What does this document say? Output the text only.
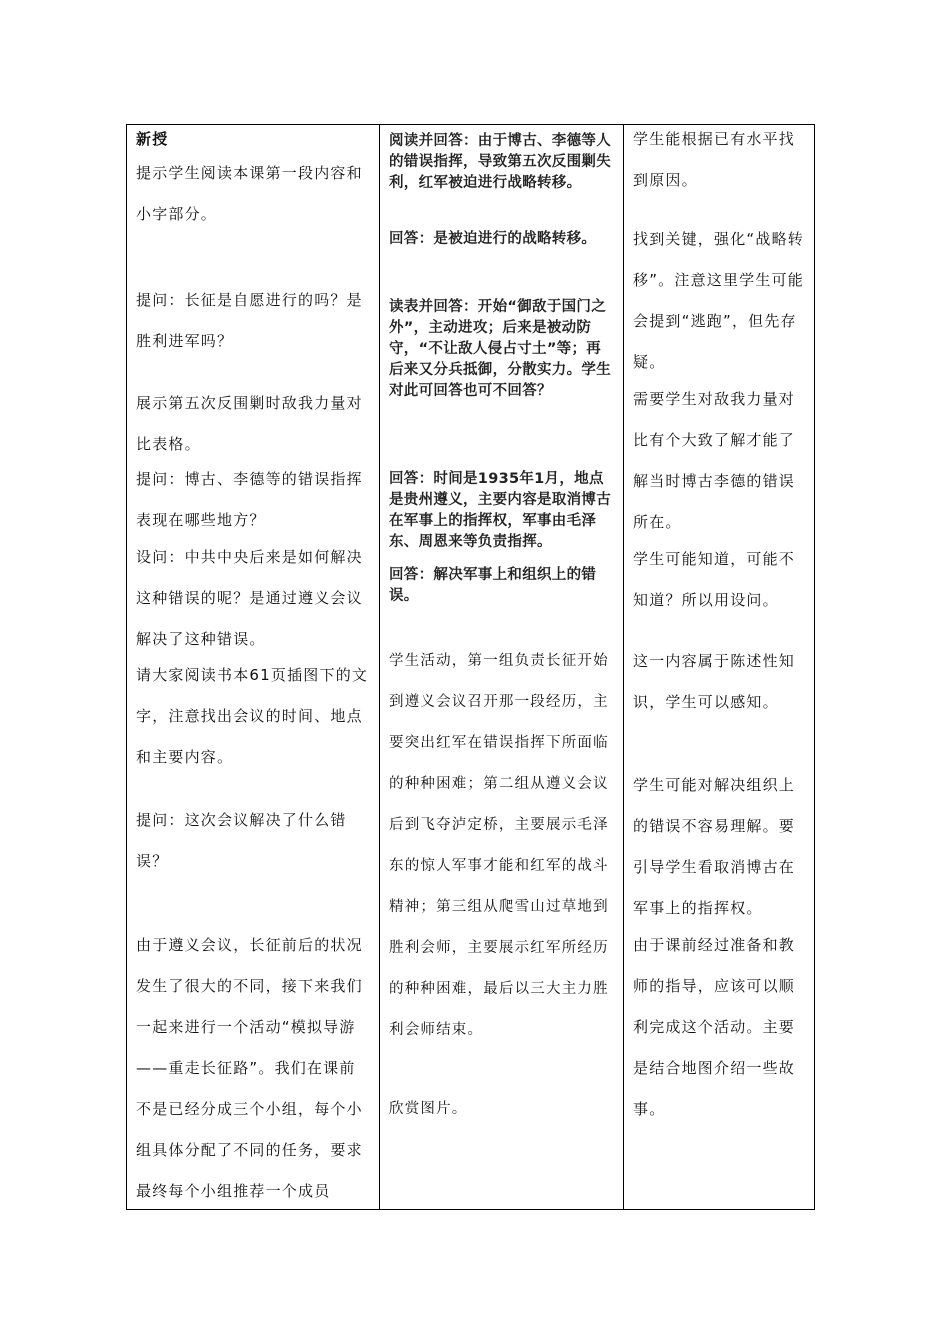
新授
提示学生阅读本课第一段内容和小字部分。
提问：长征是自愿进行的吗？是胜利进军吗？
展示第五次反围剿时敌我力量对比表格。
提问：博古、李德等的错误指挥表现在哪些地方？
设问：中共中央后来是如何解决这种错误的呢？是通过遵义会议解决了这种错误。
请大家阅读书本61页插图下的文字，注意找出会议的时间、地点和主要内容。
提问：这次会议解决了什么错误？
由于遵义会议，长征前后的状况发生了很大的不同，接下来我们一起来进行一个活动“模拟导游——重走长征路”。我们在课前不是已经分成三个小组，每个小组具体分配了不同的任务，要求最终每个小组推荐一个成员
阅读并回答：由于博古、李德等人的错误指挥，导致第五次反围剿失利，红军被迫进行战略转移。
回答：是被迫进行的战略转移。
读表并回答：开始“御敌于国门之外”，主动进攻；后来是被动防守，“不让敌人侵占寸土”等；再后来又分兵抵御，分散实力。学生对此可回答也可不回答？
回答：时间是1935年1月，地点是贵州遵义，主要内容是取消博古在军事上的指挥权，军事由毛泽东、周恩来等负责指挥。
回答：解决军事上和组织上的错误。
学生活动，第一组负责长征开始到遵义会议召开那一段经历，主要突出红军在错误指挥下所面临的种种困难；第二组从遵义会议后到飞夺泸定桥，主要展示毛泽东的惊人军事才能和红军的战斗精神；第三组从爬雪山过草地到胜利会师，主要展示红军所经历的种种困难，最后以三大主力胜利会师结束。
欣赏图片。
学生能根据已有水平找到原因。
找到关键，强化“战略转移”。注意这里学生可能会提到“逃跑”，但先存疑。
需要学生对敌我力量对比有个大致了解才能了解当时博古李德的错误所在。
学生可能知道，可能不知道？所以用设问。
这一内容属于陈述性知识，学生可以感知。
学生可能对解决组织上的错误不容易理解。要引导学生看取消博古在军事上的指挥权。
由于课前经过准备和教师的指导，应该可以顺利完成这个活动。主要是结合地图介绍一些故事。
